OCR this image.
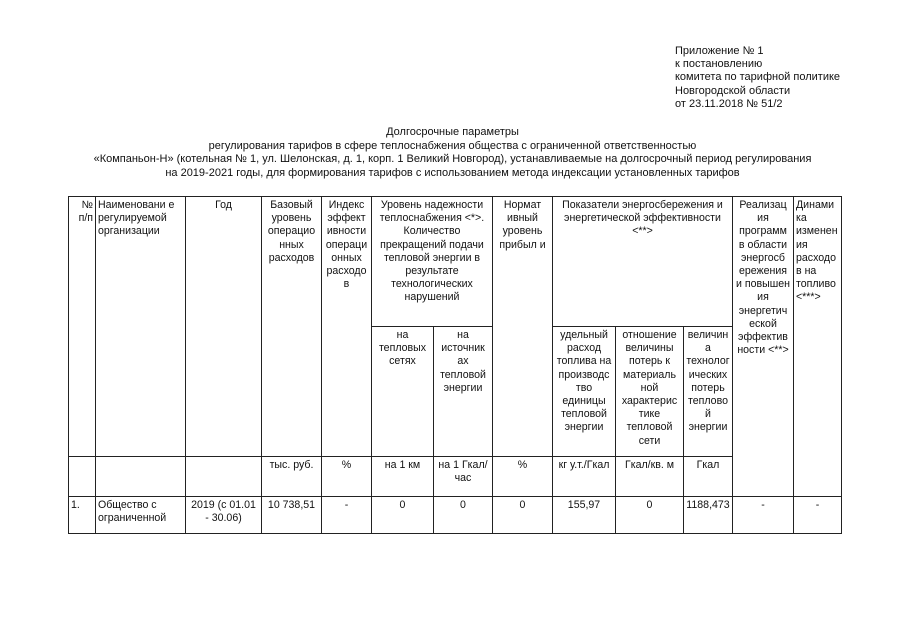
Приложение № 1
к постановлению
комитета по тарифной политике
Новгородской области
от 23.11.2018 № 51/2
Долгосрочные параметры
регулирования тарифов в сфере теплоснабжения общества с ограниченной ответственностью
«Компаньон-Н» (котельная № 1, ул. Шелонская, д. 1, корп. 1 Великий Новгород), устанавливаемые на долгосрочный период регулирования
на 2019-2021 годы, для формирования тарифов с использованием метода индексации установленных тарифов
№ п/п	Наименовани е регулируемой организации	Год	Базовый уровень операцио нных расходов	Индекс эффект ивности операци онных расходо в	Уровень надежности теплоснабжения <*>. Количество прекращений подачи тепловой энергии в результате технологических нарушений		Нормат ивный уровень прибыл и	Показатели энергосбережения и энергетической эффективности <**>			Реализац ия программ в области энергосб ережения и повышен ия энергетич еской эффектив ности <**>	Динами ка изменен ия расходо в на топливо <***>
					на тепловых сетях	на источник ах тепловой энергии		удельный расход топлива на производс тво единицы тепловой энергии	отношение величины потерь к материаль ной характерис тике тепловой сети	величин а технолог ических потерь теплово й энергии		
			тыс. руб.	%	на 1 км	на 1 Гкал/час	%	кг у.т./Гкал	Гкал/кв. м	Гкал		
1.	Общество с ограниченной	2019 (с 01.01 - 30.06)	10 738,51	-	0	0	0	155,97	0	1188,473	-	-
